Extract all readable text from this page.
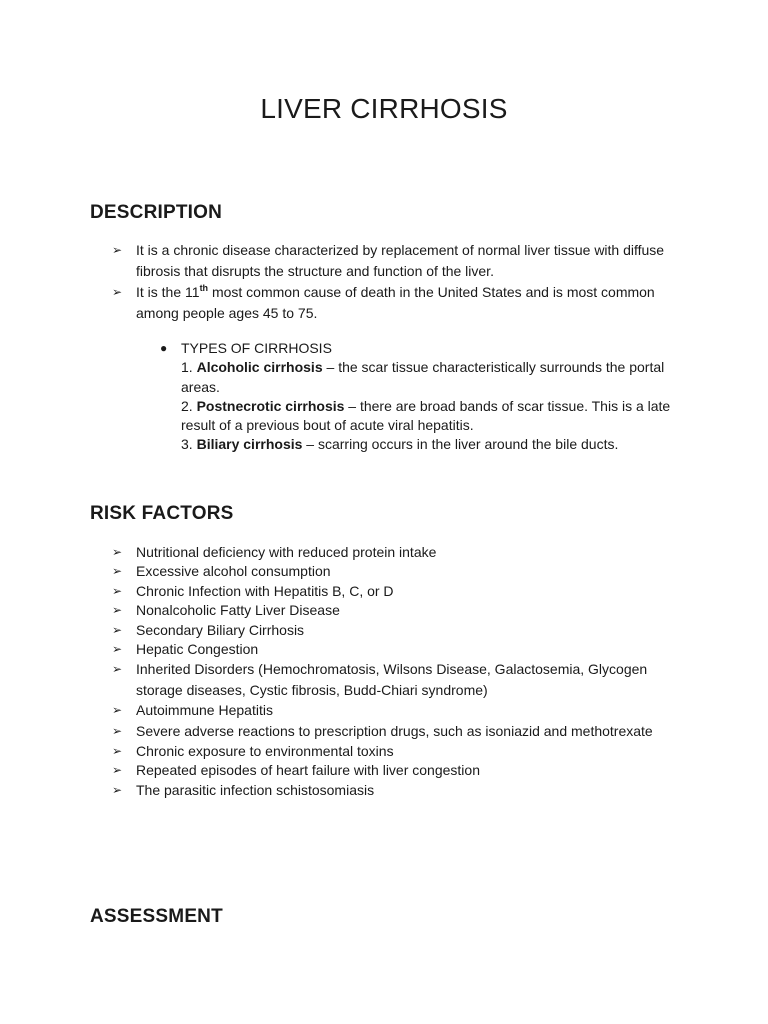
LIVER CIRRHOSIS
DESCRIPTION
➢ It is a chronic disease characterized by replacement of normal liver tissue with diffuse fibrosis that disrupts the structure and function of the liver.
➢ It is the 11th most common cause of death in the United States and is most common among people ages 45 to 75.
● TYPES OF CIRRHOSIS
1. Alcoholic cirrhosis – the scar tissue characteristically surrounds the portal areas.
2. Postnecrotic cirrhosis – there are broad bands of scar tissue. This is a late result of a previous bout of acute viral hepatitis.
3. Biliary cirrhosis – scarring occurs in the liver around the bile ducts.
RISK FACTORS
➢ Nutritional deficiency with reduced protein intake
➢ Excessive alcohol consumption
➢ Chronic Infection with Hepatitis B, C, or D
➢ Nonalcoholic Fatty Liver Disease
➢ Secondary Biliary Cirrhosis
➢ Hepatic Congestion
➢ Inherited Disorders (Hemochromatosis, Wilsons Disease, Galactosemia, Glycogen storage diseases, Cystic fibrosis, Budd-Chiari syndrome)
➢ Autoimmune Hepatitis
➢ Severe adverse reactions to prescription drugs, such as isoniazid and methotrexate
➢ Chronic exposure to environmental toxins
➢ Repeated episodes of heart failure with liver congestion
➢ The parasitic infection schistosomiasis
ASSESSMENT
